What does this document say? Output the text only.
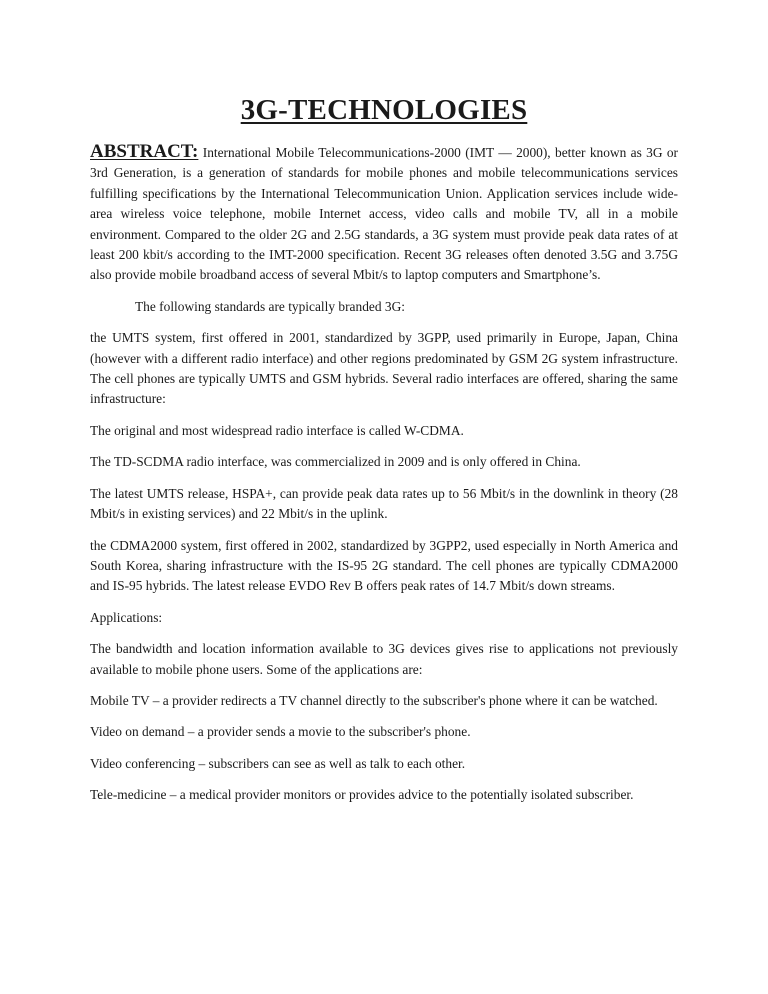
3G-TECHNOLOGIES

ABSTRACT: International Mobile Telecommunications-2000 (IMT — 2000), better known as 3G or 3rd Generation, is a generation of standards for mobile phones and mobile telecommunications services fulfilling specifications by the International Telecommunication Union. Application services include wide-area wireless voice telephone, mobile Internet access, video calls and mobile TV, all in a mobile environment. Compared to the older 2G and 2.5G standards, a 3G system must provide peak data rates of at least 200 kbit/s according to the IMT-2000 specification. Recent 3G releases often denoted 3.5G and 3.75G also provide mobile broadband access of several Mbit/s to laptop computers and Smartphone’s.

The following standards are typically branded 3G:

the UMTS system, first offered in 2001, standardized by 3GPP, used primarily in Europe, Japan, China (however with a different radio interface) and other regions predominated by GSM 2G system infrastructure. The cell phones are typically UMTS and GSM hybrids. Several radio interfaces are offered, sharing the same infrastructure:

The original and most widespread radio interface is called W-CDMA.

The TD-SCDMA radio interface, was commercialized in 2009 and is only offered in China.

The latest UMTS release, HSPA+, can provide peak data rates up to 56 Mbit/s in the downlink in theory (28 Mbit/s in existing services) and 22 Mbit/s in the uplink.

the CDMA2000 system, first offered in 2002, standardized by 3GPP2, used especially in North America and South Korea, sharing infrastructure with the IS-95 2G standard. The cell phones are typically CDMA2000 and IS-95 hybrids. The latest release EVDO Rev B offers peak rates of 14.7 Mbit/s down streams.

Applications:

The bandwidth and location information available to 3G devices gives rise to applications not previously available to mobile phone users. Some of the applications are:

Mobile TV – a provider redirects a TV channel directly to the subscriber's phone where it can be watched.

Video on demand – a provider sends a movie to the subscriber's phone.

Video conferencing – subscribers can see as well as talk to each other.

Tele-medicine – a medical provider monitors or provides advice to the potentially isolated subscriber.
